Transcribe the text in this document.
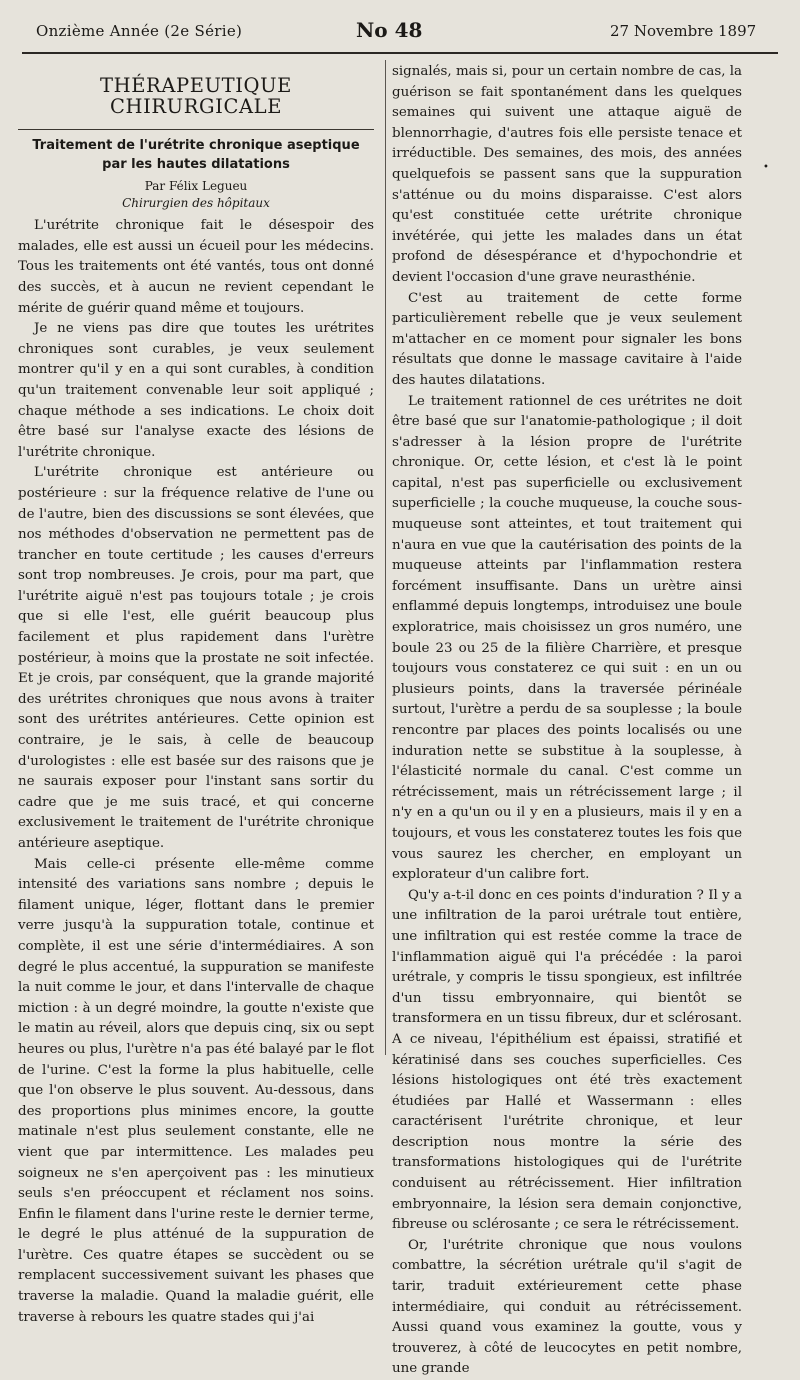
Onzième Année (2e Série)	No 48	27 Novembre 1897
•
THÉRAPEUTIQUE CHIRURGICALE
Traitement de l'urétrite chronique aseptique par les hautes dilatations
Par Félix Legueu
Chirurgien des hôpitaux

L'urétrite chronique fait le désespoir des malades, elle est aussi un écueil pour les médecins. Tous les traitements ont été vantés, tous ont donné des succès, et à aucun ne revient cependant le mérite de guérir quand même et toujours.

Je ne viens pas dire que toutes les urétrites chroniques sont curables, je veux seulement montrer qu'il y en a qui sont curables, à condition qu'un traitement convenable leur soit appliqué ; chaque méthode a ses indications. Le choix doit être basé sur l'analyse exacte des lésions de l'urétrite chronique.

L'urétrite chronique est antérieure ou postérieure : sur la fréquence relative de l'une ou de l'autre, bien des discussions se sont élevées, que nos méthodes d'observation ne permettent pas de trancher en toute certitude ; les causes d'erreurs sont trop nombreuses. Je crois, pour ma part, que l'urétrite aiguë n'est pas toujours totale ; je crois que si elle l'est, elle guérit beaucoup plus facilement et plus rapidement dans l'urètre postérieur, à moins que la prostate ne soit infectée. Et je crois, par conséquent, que la grande majorité des urétrites chroniques que nous avons à traiter sont des urétrites antérieures. Cette opinion est contraire, je le sais, à celle de beaucoup d'urologistes : elle est basée sur des raisons que je ne saurais exposer pour l'instant sans sortir du cadre que je me suis tracé, et qui concerne exclusivement le traitement de l'urétrite chronique antérieure aseptique.

Mais celle-ci présente elle-même comme intensité des variations sans nombre ; depuis le filament unique, léger, flottant dans le premier verre jusqu'à la suppuration totale, continue et complète, il est une série d'intermédiaires. A son degré le plus accentué, la suppuration se manifeste la nuit comme le jour, et dans l'intervalle de chaque miction : à un degré moindre, la goutte n'existe que le matin au réveil, alors que depuis cinq, six ou sept heures ou plus, l'urètre n'a pas été balayé par le flot de l'urine. C'est la forme la plus habituelle, celle que l'on observe le plus souvent. Au-dessous, dans des proportions plus minimes encore, la goutte matinale n'est plus seulement constante, elle ne vient que par intermittence. Les malades peu soigneux ne s'en aperçoivent pas : les minutieux seuls s'en préoccupent et réclament nos soins. Enfin le filament dans l'urine reste le dernier terme, le degré le plus atténué de la suppuration de l'urètre. Ces quatre étapes se succèdent ou se remplacent successivement suivant les phases que traverse la maladie. Quand la maladie guérit, elle traverse à rebours les quatre stades qui j'ai

signalés, mais si, pour un certain nombre de cas, la guérison se fait spontanément dans les quelques semaines qui suivent une attaque aiguë de blennorrhagie, d'autres fois elle persiste tenace et irréductible. Des semaines, des mois, des années quelquefois se passent sans que la suppuration s'atténue ou du moins disparaisse. C'est alors qu'est constituée cette urétrite chronique invétérée, qui jette les malades dans un état profond de désespérance et d'hypochondrie et devient l'occasion d'une grave neurasthénie.

C'est au traitement de cette forme particulièrement rebelle que je veux seulement m'attacher en ce moment pour signaler les bons résultats que donne le massage cavitaire à l'aide des hautes dilatations.

Le traitement rationnel de ces urétrites ne doit être basé que sur l'anatomie-pathologique ; il doit s'adresser à la lésion propre de l'urétrite chronique. Or, cette lésion, et c'est là le point capital, n'est pas superficielle ou exclusivement superficielle ; la couche muqueuse, la couche sous-muqueuse sont atteintes, et tout traitement qui n'aura en vue que la cautérisation des points de la muqueuse atteints par l'inflammation restera forcément insuffisante. Dans un urètre ainsi enflammé depuis longtemps, introduisez une boule exploratrice, mais choisissez un gros numéro, une boule 23 ou 25 de la filière Charrière, et presque toujours vous constaterez ce qui suit : en un ou plusieurs points, dans la traversée périnéale surtout, l'urètre a perdu de sa souplesse ; la boule rencontre par places des points localisés ou une induration nette se substitue à la souplesse, à l'élasticité normale du canal. C'est comme un rétrécissement, mais un rétrécissement large ; il n'y en a qu'un ou il y en a plusieurs, mais il y en a toujours, et vous les constaterez toutes les fois que vous saurez les chercher, en employant un explorateur d'un calibre fort.

Qu'y a-t-il donc en ces points d'induration ? Il y a une infiltration de la paroi urétrale tout entière, une infiltration qui est restée comme la trace de l'inflammation aiguë qui l'a précédée : la paroi urétrale, y compris le tissu spongieux, est infiltrée d'un tissu embryonnaire, qui bientôt se transformera en un tissu fibreux, dur et sclérosant. A ce niveau, l'épithélium est épaissi, stratifié et kératinisé dans ses couches superficielles. Ces lésions histologiques ont été très exactement étudiées par Hallé et Wassermann : elles caractérisent l'urétrite chronique, et leur description nous montre la série des transformations histologiques qui de l'urétrite conduisent au rétrécissement. Hier infiltration embryonnaire, la lésion sera demain conjonctive, fibreuse ou sclérosante ; ce sera le rétrécissement.

Or, l'urétrite chronique que nous voulons combattre, la sécrétion urétrale qu'il s'agit de tarir, traduit extérieurement cette phase intermédiaire, qui conduit au rétrécissement. Aussi quand vous examinez la goutte, vous y trouverez, à côté de leucocytes en petit nombre, une grande
